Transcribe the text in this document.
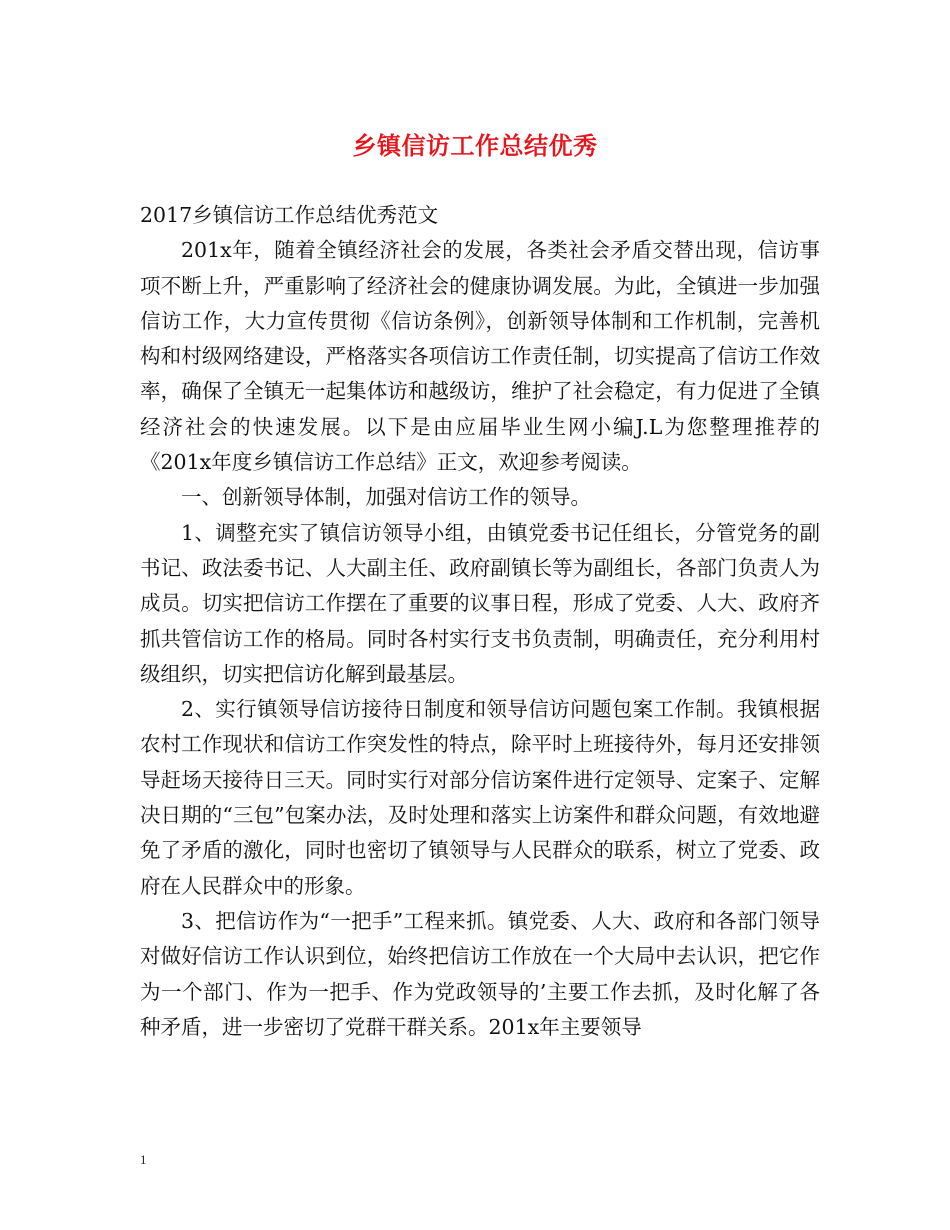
乡镇信访工作总结优秀

2017乡镇信访工作总结优秀范文

201x年，随着全镇经济社会的发展，各类社会矛盾交替出现，信访事项不断上升，严重影响了经济社会的健康协调发展。为此，全镇进一步加强信访工作，大力宣传贯彻《信访条例》，创新领导体制和工作机制，完善机构和村级网络建设，严格落实各项信访工作责任制，切实提高了信访工作效率，确保了全镇无一起集体访和越级访，维护了社会稳定，有力促进了全镇经济社会的快速发展。以下是由应届毕业生网小编J.L为您整理推荐的《201x年度乡镇信访工作总结》正文，欢迎参考阅读。

一、创新领导体制，加强对信访工作的领导。

1、调整充实了镇信访领导小组，由镇党委书记任组长，分管党务的副书记、政法委书记、人大副主任、政府副镇长等为副组长，各部门负责人为成员。切实把信访工作摆在了重要的议事日程，形成了党委、人大、政府齐抓共管信访工作的格局。同时各村实行支书负责制，明确责任，充分利用村级组织，切实把信访化解到最基层。

2、实行镇领导信访接待日制度和领导信访问题包案工作制。我镇根据农村工作现状和信访工作突发性的特点，除平时上班接待外，每月还安排领导赶场天接待日三天。同时实行对部分信访案件进行定领导、定案子、定解决日期的“三包”包案办法，及时处理和落实上访案件和群众问题，有效地避免了矛盾的激化，同时也密切了镇领导与人民群众的联系，树立了党委、政府在人民群众中的形象。

3、把信访作为“一把手”工程来抓。镇党委、人大、政府和各部门领导对做好信访工作认识到位，始终把信访工作放在一个大局中去认识，把它作为一个部门、作为一把手、作为党政领导的’主要工作去抓，及时化解了各种矛盾，进一步密切了党群干群关系。201x年主要领导

1
